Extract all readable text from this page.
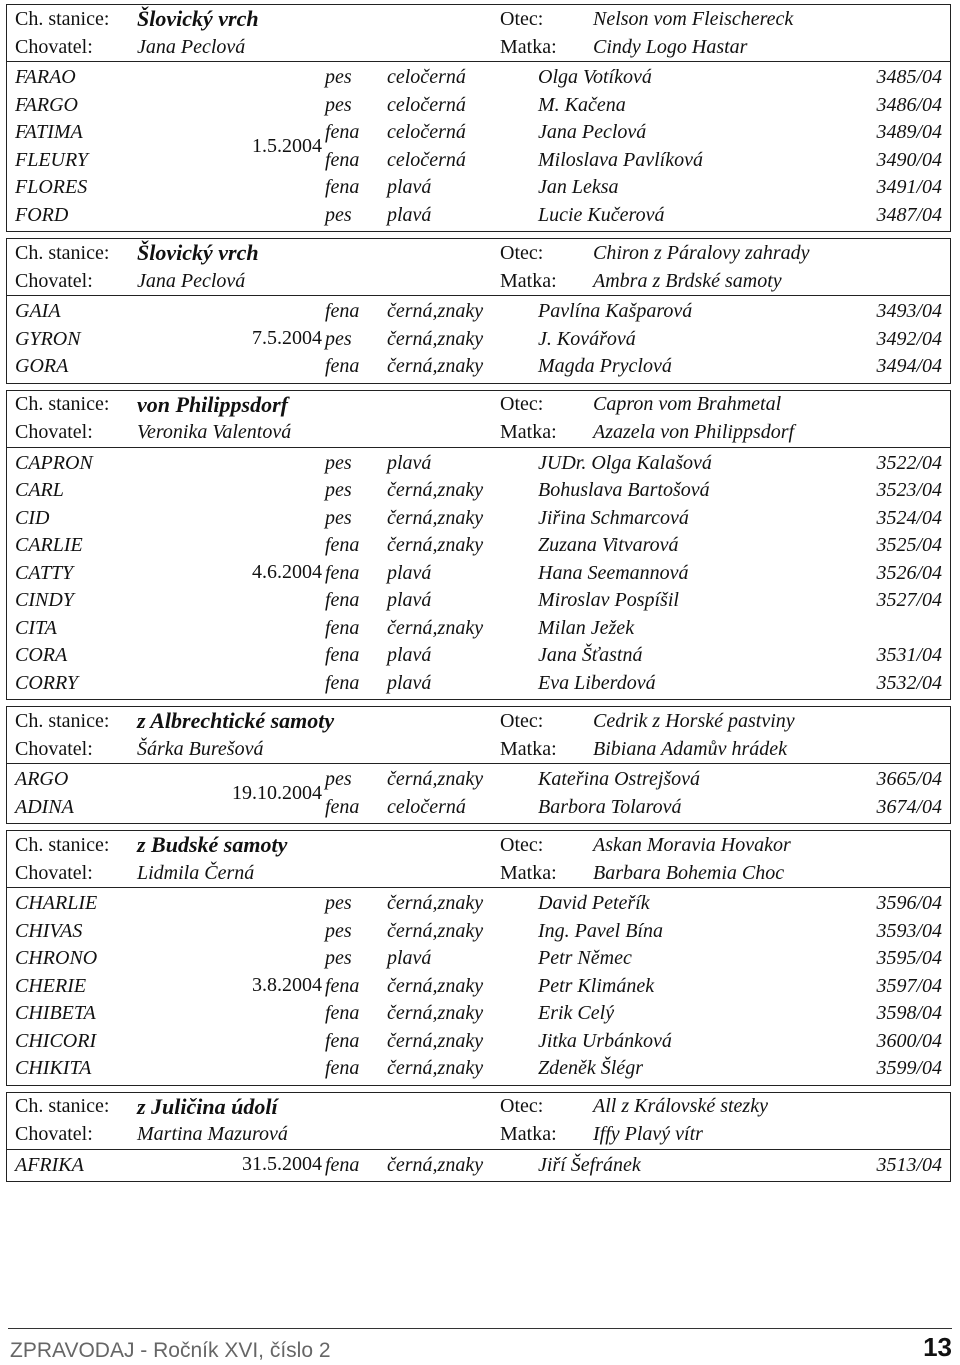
Ch. stanice:	Šlovický vrch	Otec:	Nelson vom Fleischereck
Chovatel:	Jana Peclová	Matka:	Cindy Logo Hastar
FARAO	pes	celočerná	Olga Votíková	3485/04
FARGO	pes	celočerná	M. Kačena	3486/04
FATIMA	fena	celočerná	Jana Peclová	3489/04
FLEURY	fena	celočerná	Miloslava Pavlíková	3490/04
FLORES	fena	plavá	Jan Leksa	3491/04
FORD	pes	plavá	Lucie Kučerová	3487/04
1.5.2004
Ch. stanice:	Šlovický vrch	Otec:	Chiron z Páralovy zahrady
Chovatel:	Jana Peclová	Matka:	Ambra z Brdské samoty
GAIA	fena	černá,znaky	Pavlína Kašparová	3493/04
GYRON	pes	černá,znaky	J. Kovářová	3492/04
GORA	fena	černá,znaky	Magda Pryclová	3494/04
7.5.2004
Ch. stanice:	von Philippsdorf	Otec:	Capron vom Brahmetal
Chovatel:	Veronika Valentová	Matka:	Azazela von Philippsdorf
CAPRON	pes	plavá	JUDr. Olga Kalašová	3522/04
CARL	pes	černá,znaky	Bohuslava Bartošová	3523/04
CID	pes	černá,znaky	Jiřina Schmarcová	3524/04
CARLIE	fena	černá,znaky	Zuzana Vitvarová	3525/04
CATTY	fena	plavá	Hana Seemannová	3526/04
CINDY	fena	plavá	Miroslav Pospíšil	3527/04
CITA	fena	černá,znaky	Milan Ježek
CORA	fena	plavá	Jana Šťastná	3531/04
CORRY	fena	plavá	Eva Liberdová	3532/04
4.6.2004
Ch. stanice:	z Albrechtické samoty	Otec:	Cedrik z Horské pastviny
Chovatel:	Šárka Burešová	Matka:	Bibiana Adamův hrádek
ARGO	pes	černá,znaky	Kateřina Ostrejšová	3665/04
ADINA	fena	celočerná	Barbora Tolarová	3674/04
19.10.2004
Ch. stanice:	z Budské samoty	Otec:	Askan Moravia Hovakor
Chovatel:	Lidmila Černá	Matka:	Barbara Bohemia Choc
CHARLIE	pes	černá,znaky	David Peteřík	3596/04
CHIVAS	pes	černá,znaky	Ing. Pavel Bína	3593/04
CHRONO	pes	plavá	Petr Němec	3595/04
CHERIE	fena	černá,znaky	Petr Klimánek	3597/04
CHIBETA	fena	černá,znaky	Erik Celý	3598/04
CHICORI	fena	černá,znaky	Jitka Urbánková	3600/04
CHIKITA	fena	černá,znaky	Zdeněk Šlégr	3599/04
3.8.2004
Ch. stanice:	z Juličina údolí	Otec:	All z Královské stezky
Chovatel:	Martina Mazurová	Matka:	Iffy Plavý vítr
AFRIKA	fena	černá,znaky	Jiří Šefránek	3513/04
31.5.2004
ZPRAVODAJ - Ročník XVI, číslo 2	13
